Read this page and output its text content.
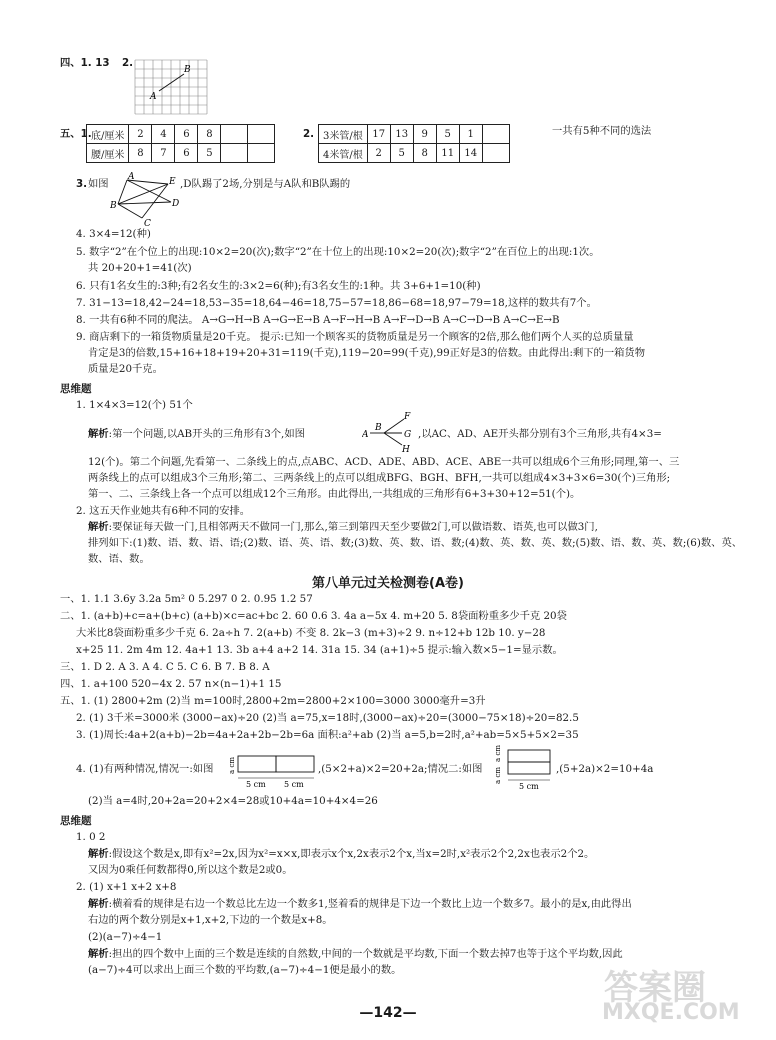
四、1. 13 2.
B
A
五、1. 底/厘米	2	4	6	8		
腰/厘米	8	7	6	5		
2. 3米管/根	17	13	9	5	1	
4米管/根	2	5	8	11	14	
一共有5种不同的选法
3. 如图
A
B
C
D
E ,D队踢了2场,分别是与A队和B队踢的
4. 3×4=12(种)
5. 数字“2”在个位上的出现:10×2=20(次);数字“2”在十位上的出现:10×2=20(次);数字“2”在百位上的出现:1次。
共 20+20+1=41(次)
6. 只有1名女生的:3种;有2名女生的:3×2=6(种);有3名女生的:1种。共 3+6+1=10(种)
7. 31−13=18,42−24=18,53−35=18,64−46=18,75−57=18,86−68=18,97−79=18,这样的数共有7个。
8. 一共有6种不同的爬法。 A→G→H→B A→G→E→B A→F→H→B A→F→D→B A→C→D→B A→C→E→B
9. 商店剩下的一箱货物质量是20千克。 提示:已知一个顾客买的货物质量是另一个顾客的2倍,那么他们两个人买的总质量量
肯定是3的倍数,15+16+18+19+20+31=119(千克),119−20=99(千克),99正好是3的倍数。由此得出:剩下的一箱货物
质量是20千克。
思维题
1. 1×4×3=12(个) 51个
解析:第一个问题,以AB开头的三角形有3个,如图	A
B
F
G
H
,以AC、AD、AE开头都分别有3个三角形,共有4×3=
12(个)。第二个问题,先看第一、二条线上的点,点ABC、ACD、ADE、ABD、ACE、ABE一共可以组成6个三角形;同理,第一、三
两条线上的点可以组成3个三角形;第二、三两条线上的点可以组成BFG、BGH、BFH,一共可以组成4×3+3×6=30(个)三角形;
第一、二、三条线上各一个点可以组成12个三角形。由此得出,一共组成的三角形有6+3+30+12=51(个)。
2. 这五天作业她共有6种不同的安排。
解析:要保证每天做一门,且相邻两天不做同一门,那么,第三到第四天至少要做2门,可以做语数、语英,也可以做3门,
排列如下:(1)数、语、数、语、语;(2)数、语、英、语、数;(3)数、英、数、语、数;(4)数、英、数、英、数;(5)数、语、数、英、数;(6)数、英、
数、语、数。
第八单元过关检测卷(A卷)
一、1. 1.1 3.6y 3.2a 5m² 0 5.297 0 2. 0.95 1.2 57
二、1. (a+b)+c=a+(b+c) (a+b)×c=ac+bc 2. 60 0.6 3. 4a a−5x 4. m+20 5. 8袋面粉重多少千克 20袋
大米比8袋面粉重多少千克 6. 2a÷h 7. 2(a+b) 不变 8. 2k−3 (m+3)÷2 9. n÷12+b 12b 10. y−28
x+25 11. 2m 4m 12. 4a+1 13. 3b a+4 a+2 14. 31a 15. 34 (a+1)÷5 提示:输入数×5−1=显示数。
三、1. D 2. A 3. A 4. C 5. C 6. B 7. B 8. A
四、1. a+100 520−4x 2. 57 n×(n−1)+1 15
五、1. (1) 2800+2m (2)当 m=100时,2800+2m=2800+2×100=3000 3000毫升=3升
2. (1) 3千米=3000米 (3000−ax)÷20 (2)当 a=75,x=18时,(3000−ax)÷20=(3000−75×18)÷20=82.5
3. (1)周长:4a+2(a+b)−2b=4a+2a+2b−2b=6a 面积:a²+ab (2)当 a=5,b=2时,a²+ab=5×5+5×2=35
4. (1)有两种情况,情况一:如图
5 cm 5 cm
a cm	,(5×2+a)×2=20+2a;情况二:如图
5 cm
a cm
a cm	,(5+2a)×2=10+4a
(2)当 a=4时,20+2a=20+2×4=28或10+4a=10+4×4=26
思维题
1. 0 2
解析:假设这个数是x,即有x²=2x,因为x²=x×x,即表示x个x,2x表示2个x,当x=2时,x²表示2个2,2x也表示2个2。
又因为0乘任何数都得0,所以这个数是2或0。
2. (1) x+1 x+2 x+8
解析:横着看的规律是右边一个数总比左边一个数多1,竖着看的规律是下边一个数比上边一个数多7。最小的是x,由此得出
右边的两个数分别是x+1,x+2,下边的一个数是x+8。
(2)(a−7)÷4−1
解析:担出的四个数中上面的三个数是连续的自然数,中间的一个数就是平均数,下面一个数去掉7也等于这个平均数,因此
(a−7)÷4可以求出上面三个数的平均数,(a−7)÷4−1便是最小的数。
—142—
答案圈
MXQE.COM
